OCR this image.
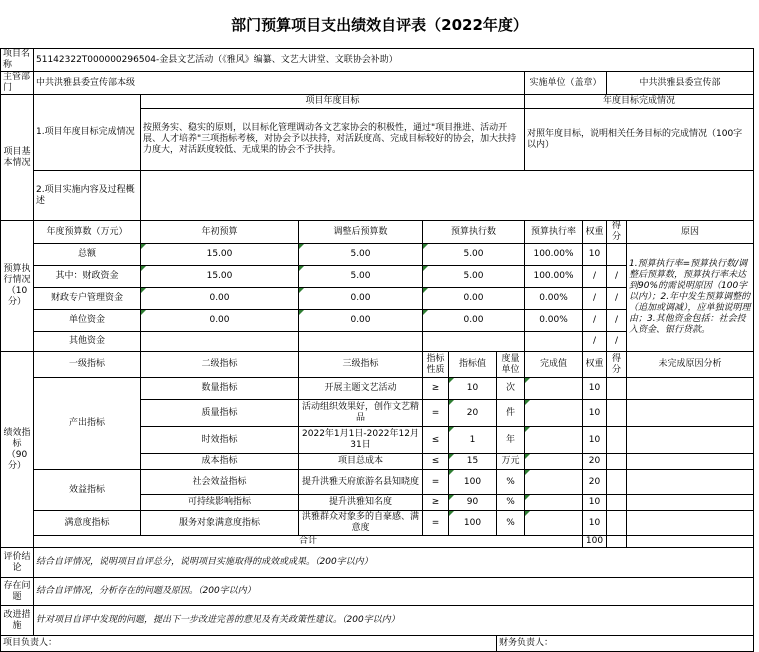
部门预算项目支出绩效自评表（2022年度）
项目名称	51142322T000000296504-金县文艺活动（《雅风》编纂、文艺大讲堂、文联协会补助）									
主管部门	中共洪雅县委宣传部本级						实施单位（盖章）		中共洪雅县委宣传部	
项目基本情况	1.项目年度目标完成情况	项目年度目标					年度目标完成情况			
		按照务实、稳实的原则，以目标化管理调动各文艺家协会的积极性，通过"项目推进、活动开展、人才培养"三项指标考核，对协会予以扶持，对活跃度高、完成目标较好的协会，加大扶持力度大，对活跃度较低、无成果的协会不予扶持。					对照年度目标，说明相关任务目标的完成情况（100字以内）			
	2.项目实施内容及过程概述									
预算执行情况（10分）	年度预算数（万元）	年初预算	调整后预算数	预算执行数			预算执行率	权重	得分	原因
	总额	15.00	5.00	5.00			100.00%	10		1.预算执行率=预算执行数/调整后预算数，预算执行率未达到90%的需说明原因（100字以内）；2.年中发生预算调整的（追加或调减），应单独说明理由；3.其他资金包括：社会投入资金、银行贷款。
	其中：财政资金	15.00	5.00	5.00			100.00%	/	/	
	财政专户管理资金	0.00	0.00	0.00			0.00%	/	/	
	单位资金	0.00	0.00	0.00			0.00%	/	/	
	其他资金							/	/	
绩效指标（90分）	一级指标	二级指标	三级指标	指标性质	指标值	度量单位	完成值	权重	得分	未完成原因分析
	产出指标	数量指标	开展主题文艺活动	≥	10	次		10		
		质量指标	活动组织效果好，创作文艺精品	=	20	件		10		
		时效指标	2022年1月1日-2022年12月31日	≤	1	年		10		
		成本指标	项目总成本	≤	15	万元		20		
	效益指标	社会效益指标	提升洪雅天府旅游名县知晓度	=	100	%		20		
		可持续影响指标	提升洪雅知名度	≥	90	%		10		
	满意度指标	服务对象满意度指标	洪雅群众对象多的自豪感、满意度	=	100	%		10		
	合计							100		
评价结论	结合自评情况，说明项目自评总分，说明项目实施取得的成效或成果。（200字以内）									
存在问题	结合自评情况，分析存在的问题及原因。（200字以内）									
改进措施	针对项目自评中发现的问题，提出下一步改进完善的意见及有关政策性建议。（200字以内）									
项目负责人：						财务负责人：				
